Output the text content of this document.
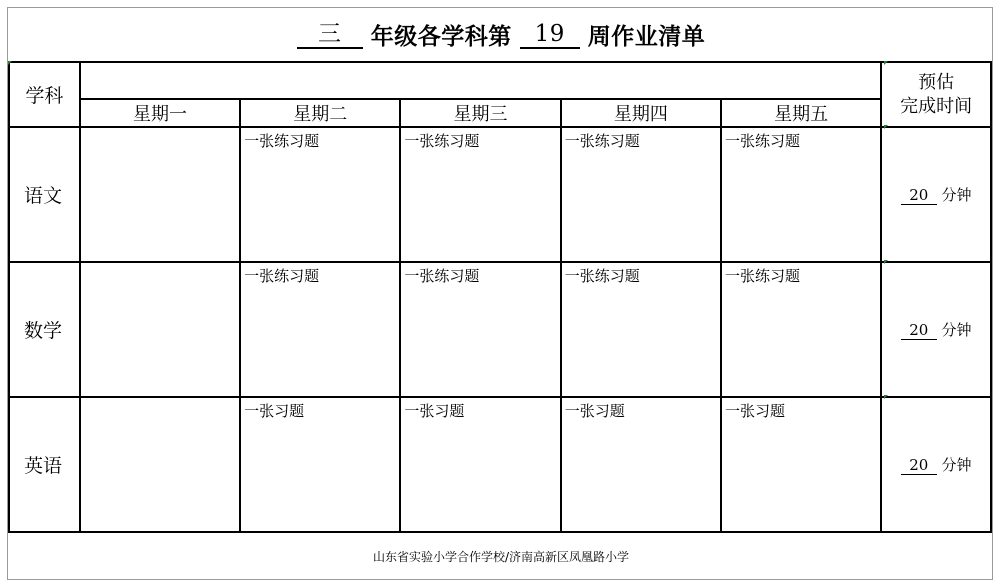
三	年级各学科第 19 周作业清单
学科						预估
完成时间

	星期一	星期二	星期三	星期四	星期五	
语文		一张练习题	一张练习题	一张练习题	一张练习题	20 分钟
数学		一张练习题	一张练习题	一张练习题	一张练习题	20 分钟
英语		一张习题	一张习题	一张习题	一张习题	20 分钟
山东省实验小学合作学校/济南高新区凤凰路小学
